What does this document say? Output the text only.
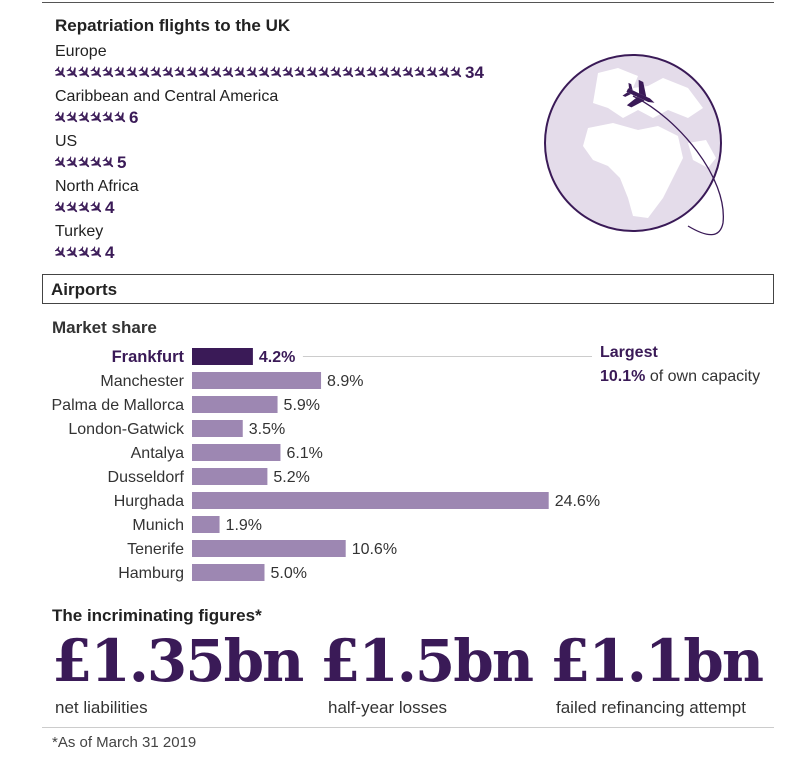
Repatriation flights to the UK
Europe
34
Caribbean and Central America
6
US
5
North Africa
4
Turkey
4
Airports
Market share
Frankfurt	4.2%
Manchester	8.9%
Palma de Mallorca	5.9%
London-Gatwick	3.5%
Antalya	6.1%
Dusseldorf	5.2%
Hurghada	24.6%
Munich	1.9%
Tenerife	10.6%
Hamburg	5.0%
Largest
10.1% of own capacity
The incriminating figures*
£1.35bn
net liabilities
£1.5bn
half-year losses
£1.1bn
failed refinancing attempt
*As of March 31 2019
